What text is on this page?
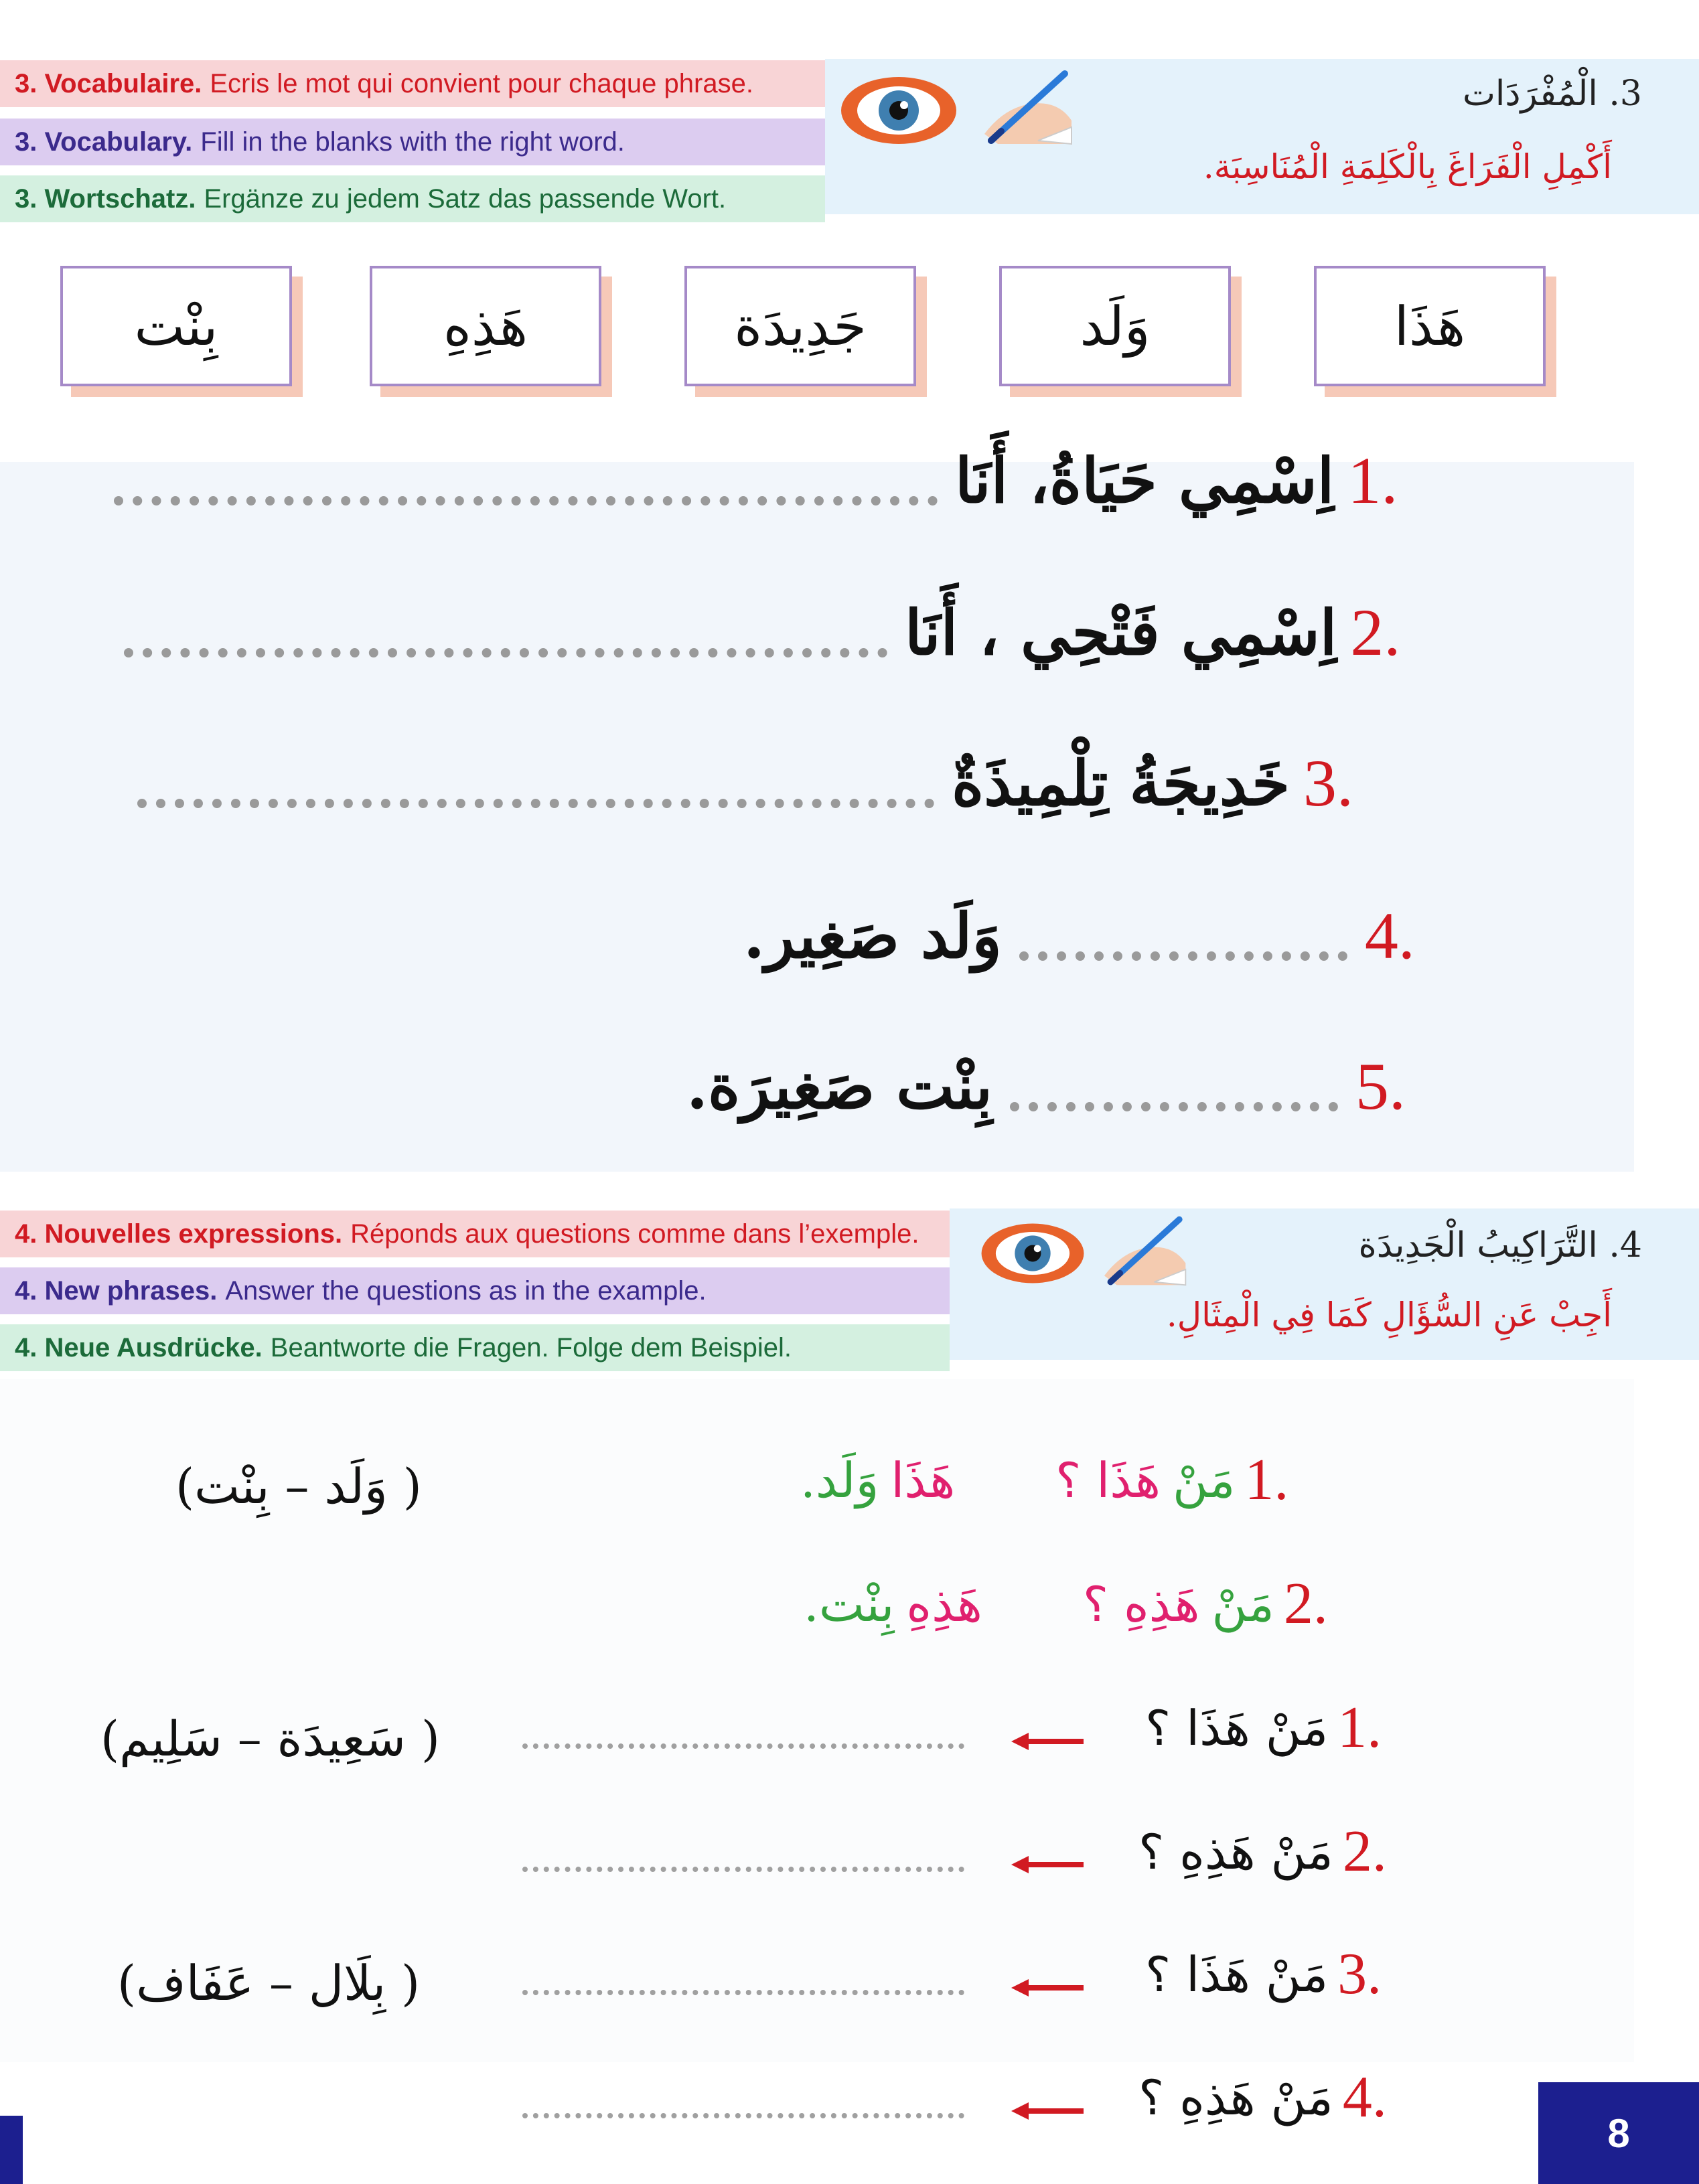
3. Vocabulaire. Ecris le mot qui convient pour chaque phrase.
3. Vocabulary. Fill in the blanks with the right word.
3. Wortschatz. Ergänze zu jedem Satz das passende Wort.
3. الْمُفْرَدَات
أَكْمِلِ الْفَرَاغَ بِالْكَلِمَةِ الْمُنَاسِبَة.
هَذَا
وَلَد
جَدِيدَة
هَذِهِ
بِنْت
اِسْمِي حَيَاةُ، أَنَا 1.
اِسْمِي فَتْحِي ، أَنَا 2.
خَدِيجَةُ تِلْمِيذَةٌ 3.
وَلَد صَغِير.	4.
بِنْت صَغِيرَة.	5.
4. Nouvelles expressions. Réponds aux questions comme dans l’exemple.
4. New phrases. Answer the questions as in the example.
4. Neue Ausdrücke. Beantworte die Fragen. Folge dem Beispiel.
4. التَّرَاكِيبُ الْجَدِيدَة
أَجِبْ عَنِ السُّؤَالِ كَمَا فِي الْمِثَالِ.
وَلَد. هَذَا هَذَا ؟ مَنْ 1.
( وَلَد – بِنْت)
بِنْت. هَذِهِ هَذِهِ ؟ مَنْ 2.
مَنْ هَذَا ؟ 1.
( سَعِيدَة – سَلِيم)
مَنْ هَذِهِ ؟ 2.
مَنْ هَذَا ؟ 3.
( بِلَال – عَفَاف)
مَنْ هَذِهِ ؟ 4.
8
